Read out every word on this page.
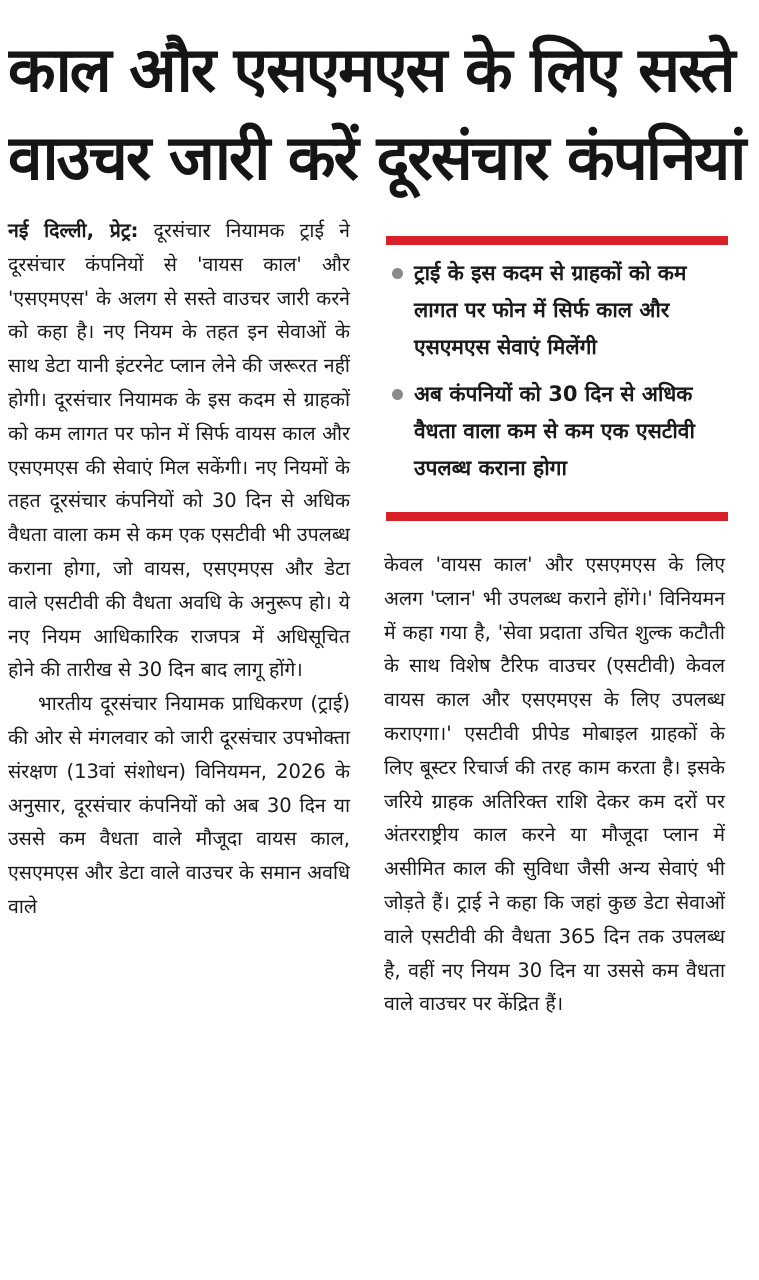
काल और एसएमएस के लिए सस्ते
वाउचर जारी करें दूरसंचार कंपनियां

नई दिल्ली, प्रेट्र: दूरसंचार नियामक ट्राई ने दूरसंचार कंपनियों से 'वायस काल' और 'एसएमएस' के अलग से सस्ते वाउचर जारी करने को कहा है। नए नियम के तहत इन सेवाओं के साथ डेटा यानी इंटरनेट प्लान लेने की जरूरत नहीं होगी। दूरसंचार नियामक के इस कदम से ग्राहकों को कम लागत पर फोन में सिर्फ वायस काल और एसएमएस की सेवाएं मिल सकेंगी। नए नियमों के तहत दूरसंचार कंपनियों को 30 दिन से अधिक वैधता वाला कम से कम एक एसटीवी भी उपलब्ध कराना होगा, जो वायस, एसएमएस और डेटा वाले एसटीवी की वैधता अवधि के अनुरूप हो। ये नए नियम आधिकारिक राजपत्र में अधिसूचित होने की तारीख से 30 दिन बाद लागू होंगे।

भारतीय दूरसंचार नियामक प्राधिकरण (ट्राई) की ओर से मंगलवार को जारी दूरसंचार उपभोक्ता संरक्षण (13वां संशोधन) विनियमन, 2026 के अनुसार, दूरसंचार कंपनियों को अब 30 दिन या उससे कम वैधता वाले मौजूदा वायस काल, एसएमएस और डेटा वाले वाउचर के समान अवधि वाले

ट्राई के इस कदम से ग्राहकों को कम लागत पर फोन में सिर्फ काल और एसएमएस सेवाएं मिलेंगी
अब कंपनियों को 30 दिन से अधिक वैधता वाला कम से कम एक एसटीवी उपलब्ध कराना होगा

केवल 'वायस काल' और एसएमएस के लिए अलग 'प्लान' भी उपलब्ध कराने होंगे।' विनियमन में कहा गया है, 'सेवा प्रदाता उचित शुल्क कटौती के साथ विशेष टैरिफ वाउचर (एसटीवी) केवल वायस काल और एसएमएस के लिए उपलब्ध कराएगा।' एसटीवी प्रीपेड मोबाइल ग्राहकों के लिए बूस्टर रिचार्ज की तरह काम करता है। इसके जरिये ग्राहक अतिरिक्त राशि देकर कम दरों पर अंतरराष्ट्रीय काल करने या मौजूदा प्लान में असीमित काल की सुविधा जैसी अन्य सेवाएं भी जोड़ते हैं। ट्राई ने कहा कि जहां कुछ डेटा सेवाओं वाले एसटीवी की वैधता 365 दिन तक उपलब्ध है, वहीं नए नियम 30 दिन या उससे कम वैधता वाले वाउचर पर केंद्रित हैं।
